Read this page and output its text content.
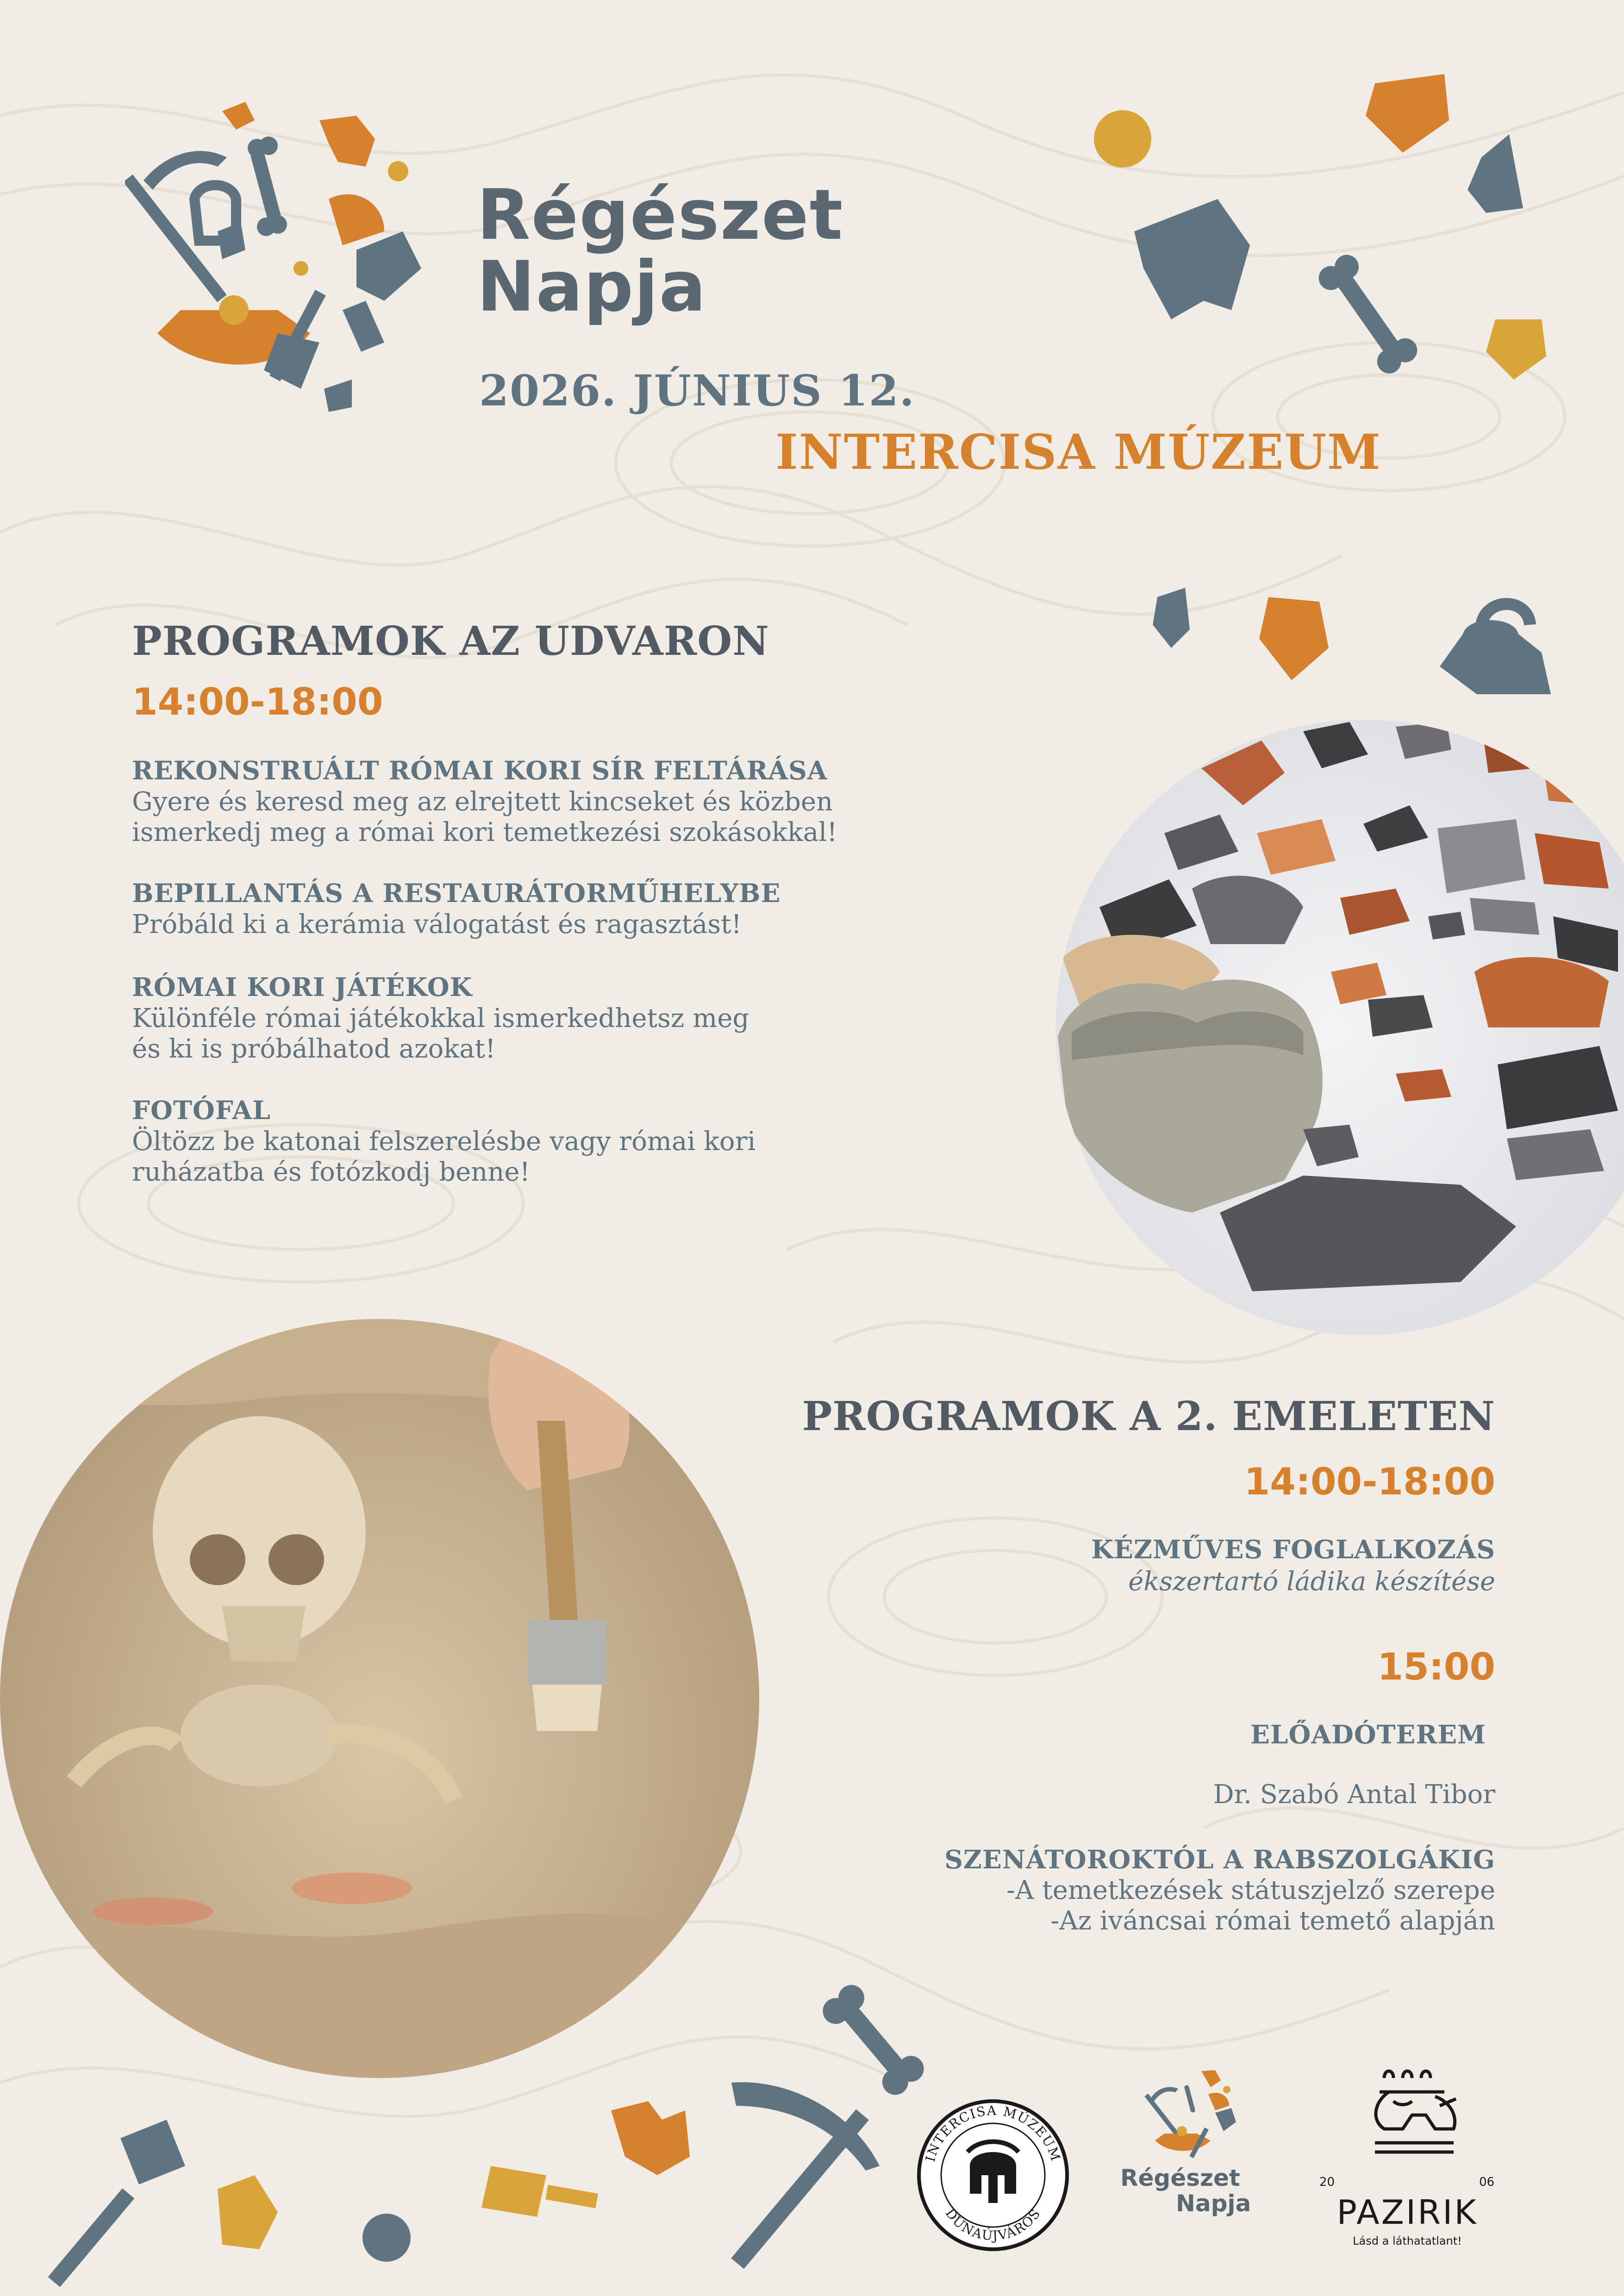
Régészet
Napja
2026. JÚNIUS 12.
INTERCISA MÚZEUM
PROGRAMOK AZ UDVARON
14:00-18:00
REKONSTRUÁLT RÓMAI KORI SÍR FELTÁRÁSA
Gyere és keresd meg az elrejtett kincseket és közben
ismerkedj meg a római kori temetkezési szokásokkal!
BEPILLANTÁS A RESTAURÁTORMŰHELYBE
Próbáld ki a kerámia válogatást és ragasztást!
RÓMAI KORI JÁTÉKOK
Különféle római játékokkal ismerkedhetsz meg
és ki is próbálhatod azokat!
FOTÓFAL
Öltözz be katonai felszerelésbe vagy római kori
ruházatba és fotózkodj benne!
PROGRAMOK A 2. EMELETEN
14:00-18:00
KÉZMŰVES FOGLALKOZÁS
ékszertartó ládika készítése
15:00
ELŐADÓTEREM
Dr. Szabó Antal Tibor
SZENÁTOROKTÓL A RABSZOLGÁKIG
-A temetkezések státuszjelző szerepe
-Az iváncsai római temető alapján
INTERCISA MÚZEUM
DUNAÚJVÁROS
Régészet
Napja
20	06
PAZIRIK
Lásd a láthatatlant!
